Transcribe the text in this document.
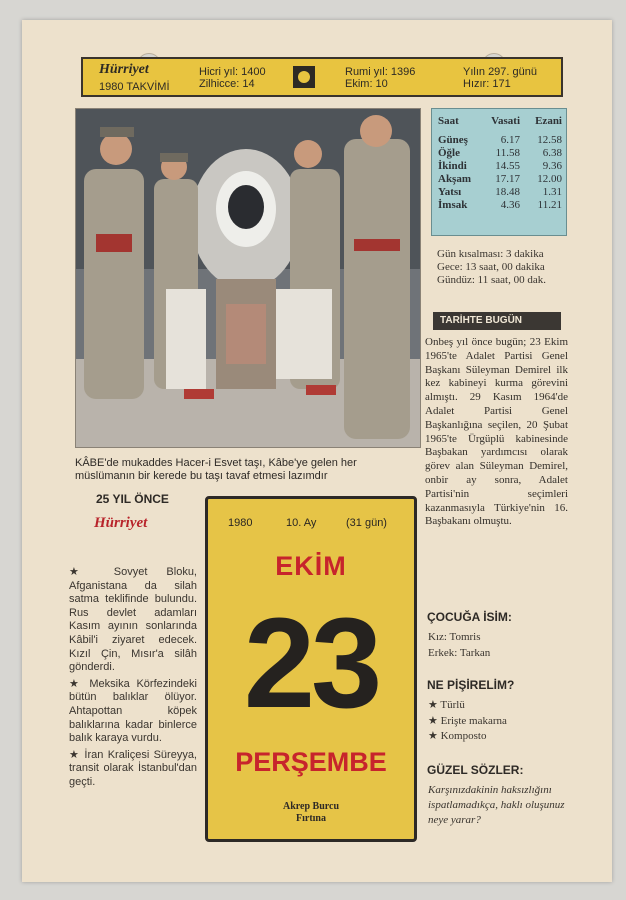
Hürriyet
1980 TAKVİMİ
Hicri yıl: 1400
Zilhicce: 14
Rumi yıl: 1396
Ekim: 10
Yılın 297. günü
Hızır: 171
KÂBE'de mukaddes Hacer-i Esvet taşı, Kâbe'ye gelen her
müslümanın bir kerede bu taşı tavaf etmesi lazımdır
Saat	Vasati	Ezani

Güneş	6.17	12.58
Öğle	11.58	6.38
İkindi	14.55	9.36
Akşam	17.17	12.00
Yatsı	18.48	1.31
İmsak	4.36	11.21
Gün kısalması: 3 dakika
Gece: 13 saat, 00 dakika
Gündüz: 11 saat, 00 dak.
TARİHTE BUGÜN
Onbeş yıl önce bugün; 23 Ekim 1965'te Adalet Partisi Genel Başkanı Süleyman Demirel ilk kez kabineyi kurma görevini almıştı. 29 Kasım 1964'de Adalet Partisi Genel Başkanlığına seçilen, 20 Şubat 1965'te Ürgüplü kabinesinde Başbakan yardımcısı olarak görev alan Süleyman Demirel, onbir ay sonra, Adalet Partisi'nin seçimleri kazanmasıyla Türkiye'nin 16. Başbakanı olmuştu.
25 YIL ÖNCE
Hürriyet

★ Sovyet Bloku, Afganistana da silah satma teklifinde bulundu. Rus devlet adamları Kasım ayının sonlarında Kâbil'i ziyaret edecek. Kızıl Çin, Mısır'a silâh gönderdi.

★ Meksika Körfezindeki bütün balıklar ölüyor. Ahtapottan köpek balıklarına kadar binlerce balık karaya vurdu.

★ İran Kraliçesi Süreyya, transit olarak İstanbul'dan geçti.

1980	10. Ay	(31 gün)
EKİM
23
PERŞEMBE
Akrep Burcu
Fırtına
ÇOCUĞA İSİM:
Kız: Tomris
Erkek: Tarkan
NE PİŞİRELİM?
★ Türlü
★ Erişte makarna
★ Komposto
GÜZEL SÖZLER:
Karşınızdakinin haksızlığını ispatlamadıkça, haklı oluşunuz neye yarar?
